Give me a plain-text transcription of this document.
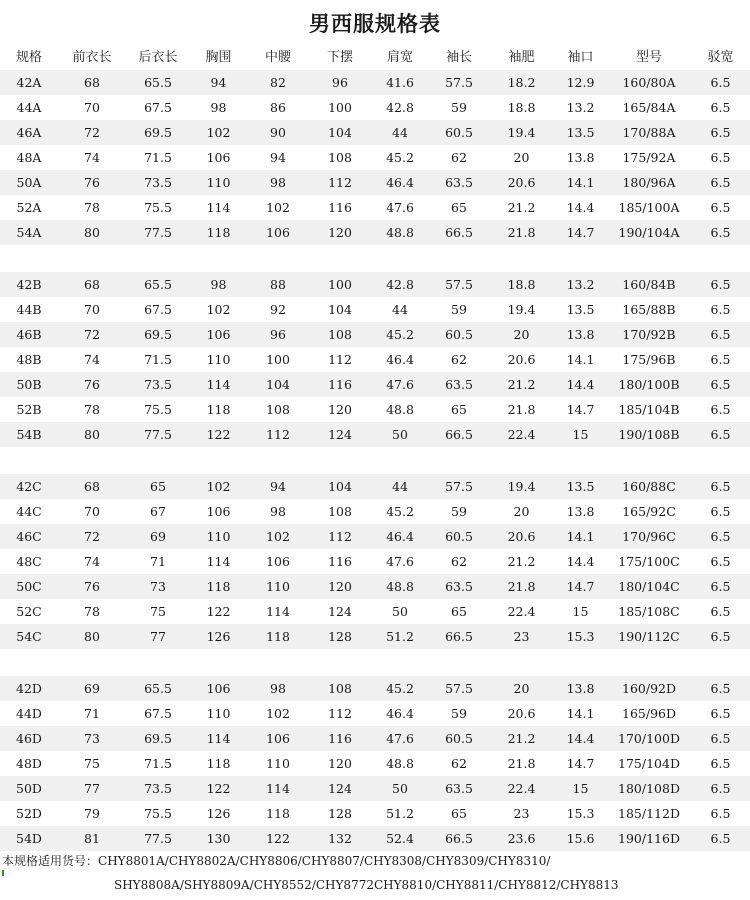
男西服规格表
规格	前衣长	后衣长	胸围	中腰	下摆	肩宽	袖长	袖肥	袖口	型号	驳宽
42A	68	65.5	94	82	96	41.6	57.5	18.2	12.9	160/80A	6.5
44A	70	67.5	98	86	100	42.8	59	18.8	13.2	165/84A	6.5
46A	72	69.5	102	90	104	44	60.5	19.4	13.5	170/88A	6.5
48A	74	71.5	106	94	108	45.2	62	20	13.8	175/92A	6.5
50A	76	73.5	110	98	112	46.4	63.5	20.6	14.1	180/96A	6.5
52A	78	75.5	114	102	116	47.6	65	21.2	14.4	185/100A	6.5
54A	80	77.5	118	106	120	48.8	66.5	21.8	14.7	190/104A	6.5
42B	68	65.5	98	88	100	42.8	57.5	18.8	13.2	160/84B	6.5
44B	70	67.5	102	92	104	44	59	19.4	13.5	165/88B	6.5
46B	72	69.5	106	96	108	45.2	60.5	20	13.8	170/92B	6.5
48B	74	71.5	110	100	112	46.4	62	20.6	14.1	175/96B	6.5
50B	76	73.5	114	104	116	47.6	63.5	21.2	14.4	180/100B	6.5
52B	78	75.5	118	108	120	48.8	65	21.8	14.7	185/104B	6.5
54B	80	77.5	122	112	124	50	66.5	22.4	15	190/108B	6.5
42C	68	65	102	94	104	44	57.5	19.4	13.5	160/88C	6.5
44C	70	67	106	98	108	45.2	59	20	13.8	165/92C	6.5
46C	72	69	110	102	112	46.4	60.5	20.6	14.1	170/96C	6.5
48C	74	71	114	106	116	47.6	62	21.2	14.4	175/100C	6.5
50C	76	73	118	110	120	48.8	63.5	21.8	14.7	180/104C	6.5
52C	78	75	122	114	124	50	65	22.4	15	185/108C	6.5
54C	80	77	126	118	128	51.2	66.5	23	15.3	190/112C	6.5
42D	69	65.5	106	98	108	45.2	57.5	20	13.8	160/92D	6.5
44D	71	67.5	110	102	112	46.4	59	20.6	14.1	165/96D	6.5
46D	73	69.5	114	106	116	47.6	60.5	21.2	14.4	170/100D	6.5
48D	75	71.5	118	110	120	48.8	62	21.8	14.7	175/104D	6.5
50D	77	73.5	122	114	124	50	63.5	22.4	15	180/108D	6.5
52D	79	75.5	126	118	128	51.2	65	23	15.3	185/112D	6.5
54D	81	77.5	130	122	132	52.4	66.5	23.6	15.6	190/116D	6.5
本规格适用货号：CHY8801A/CHY8802A/CHY8806/CHY8807/CHY8308/CHY8309/CHY8310/
SHY8808A/SHY8809A/CHY8552/CHY8772CHY8810/CHY8811/CHY8812/CHY8813
